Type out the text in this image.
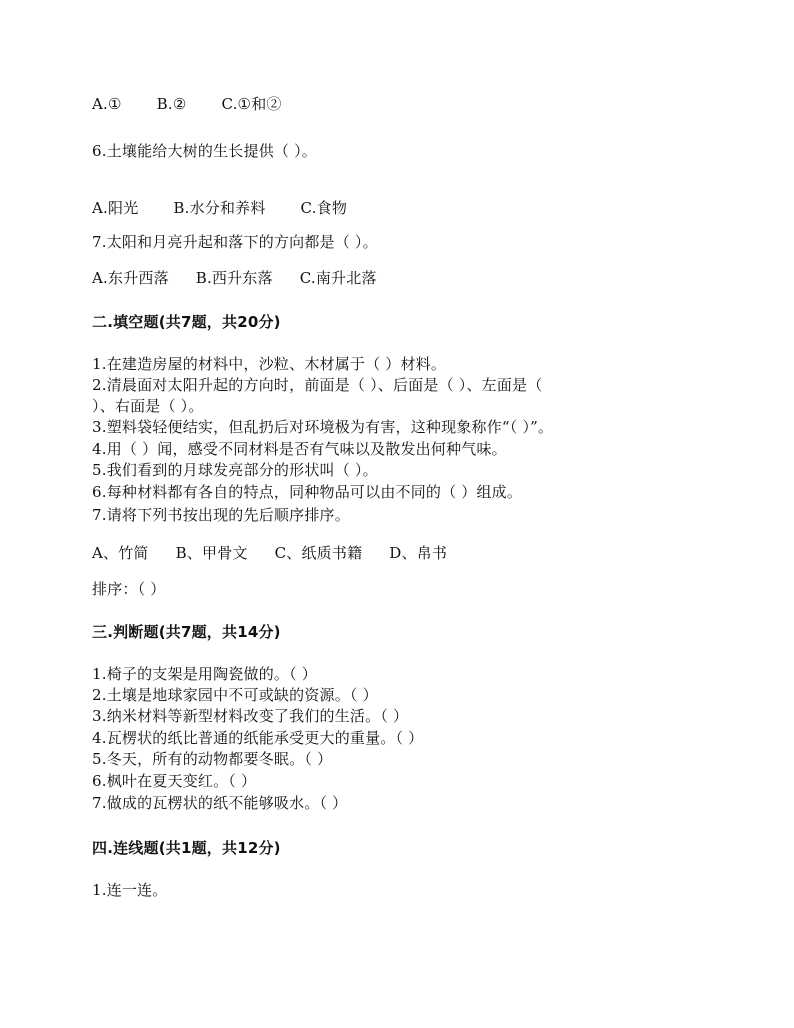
A.① B.② C.①和②
6.土壤能给大树的生长提供（ ）。
A.阳光 B.水分和养料 C.食物
7.太阳和月亮升起和落下的方向都是（ ）。
A.东升西落 B.西升东落 C.南升北落
二.填空题(共7题，共20分)
1.在建造房屋的材料中，沙粒、木材属于（ ）材料。
2.清晨面对太阳升起的方向时，前面是（ ）、后面是（ ）、左面是（
）、右面是（ ）。
3.塑料袋轻便结实，但乱扔后对环境极为有害，这种现象称作“（ ）”。
4.用（ ）闻，感受不同材料是否有气味以及散发出何种气味。
5.我们看到的月球发亮部分的形状叫（ ）。
6.每种材料都有各自的特点，同种物品可以由不同的（ ）组成。
7.请将下列书按出现的先后顺序排序。
A、竹简 B、甲骨文 C、纸质书籍 D、帛书
排序：（ ）
三.判断题(共7题，共14分)
1.椅子的支架是用陶瓷做的。（ ）
2.土壤是地球家园中不可或缺的资源。（ ）
3.纳米材料等新型材料改变了我们的生活。（ ）
4.瓦楞状的纸比普通的纸能承受更大的重量。（ ）
5.冬天，所有的动物都要冬眠。（ ）
6.枫叶在夏天变红。（ ）
7.做成的瓦楞状的纸不能够吸水。（ ）
四.连线题(共1题，共12分)
1.连一连。
